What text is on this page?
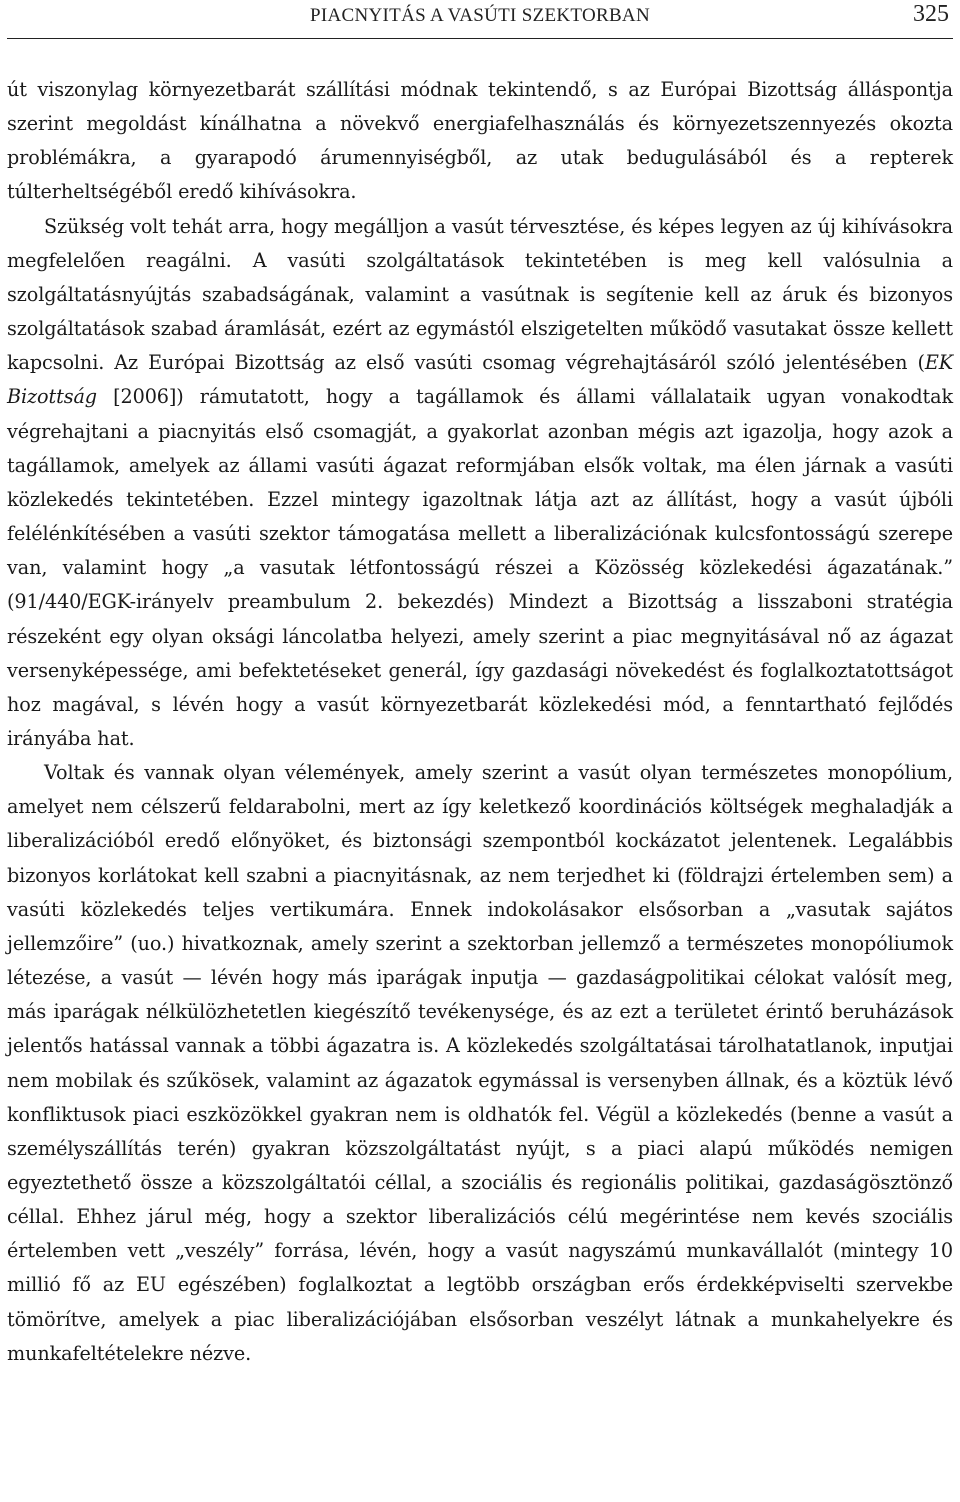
PIACNYITÁS A VASÚTI SZEKTORBAN	325

út viszonylag környezetbarát szállítási módnak tekintendő, s az Európai Bizottság álláspontja szerint megoldást kínálhatna a növekvő energiafelhasználás és környezetszennyezés okozta problémákra, a gyarapodó árumennyiségből, az utak bedugulásából és a repterek túlterheltségéből eredő kihívásokra.

Szükség volt tehát arra, hogy megálljon a vasút térvesztése, és képes legyen az új kihívásokra megfelelően reagálni. A vasúti szolgáltatások tekintetében is meg kell valósulnia a szolgáltatásnyújtás szabadságának, valamint a vasútnak is segítenie kell az áruk és bizonyos szolgáltatások szabad áramlását, ezért az egymástól elszigetelten működő vasutakat össze kellett kapcsolni. Az Európai Bizottság az első vasúti csomag végrehajtásáról szóló jelentésében (EK Bizottság [2006]) rámutatott, hogy a tagállamok és állami vállalataik ugyan vonakodtak végrehajtani a piacnyitás első csomagját, a gyakorlat azonban mégis azt igazolja, hogy azok a tagállamok, amelyek az állami vasúti ágazat reformjában elsők voltak, ma élen járnak a vasúti közlekedés tekintetében. Ezzel mintegy igazoltnak látja azt az állítást, hogy a vasút újbóli felélénkítésében a vasúti szektor támogatása mellett a liberalizációnak kulcsfontosságú szerepe van, valamint hogy „a vasutak létfontosságú részei a Közösség közlekedési ágazatának.” (91/440/EGK-irányelv preambulum 2. bekezdés) Mindezt a Bizottság a lisszaboni stratégia részeként egy olyan oksági láncolatba helyezi, amely szerint a piac megnyitásával nő az ágazat versenyképessége, ami befektetéseket generál, így gazdasági növekedést és foglalkoztatottságot hoz magával, s lévén hogy a vasút környezetbarát közlekedési mód, a fenntartható fejlődés irányába hat.

Voltak és vannak olyan vélemények, amely szerint a vasút olyan természetes monopólium, amelyet nem célszerű feldarabolni, mert az így keletkező koordinációs költségek meghaladják a liberalizációból eredő előnyöket, és biztonsági szempontból kockázatot jelentenek. Legalábbis bizonyos korlátokat kell szabni a piacnyitásnak, az nem terjedhet ki (földrajzi értelemben sem) a vasúti közlekedés teljes vertikumára. Ennek indokolásakor elsősorban a „vasutak sajátos jellemzőire” (uo.) hivatkoznak, amely szerint a szektorban jellemző a természetes monopóliumok létezése, a vasút — lévén hogy más iparágak inputja — gazdaságpolitikai célokat valósít meg, más iparágak nélkülözhetetlen kiegészítő tevékenysége, és az ezt a területet érintő beruházások jelentős hatással vannak a többi ágazatra is. A közlekedés szolgáltatásai tárolhatatlanok, inputjai nem mobilak és szűkösek, valamint az ágazatok egymással is versenyben állnak, és a köztük lévő konfliktusok piaci eszközökkel gyakran nem is oldhatók fel. Végül a közlekedés (benne a vasút a személyszállítás terén) gyakran közszolgáltatást nyújt, s a piaci alapú működés nemigen egyeztethető össze a közszolgáltatói céllal, a szociális és regionális politikai, gazdaságösztönző céllal. Ehhez járul még, hogy a szektor liberalizációs célú megérintése nem kevés szociális értelemben vett „veszély” forrása, lévén, hogy a vasút nagyszámú munkavállalót (mintegy 10 millió fő az EU egészében) foglalkoztat a legtöbb országban erős érdekképviselti szervekbe tömörítve, amelyek a piac liberalizációjában elsősorban veszélyt látnak a munkahelyekre és munkafeltételekre nézve.
